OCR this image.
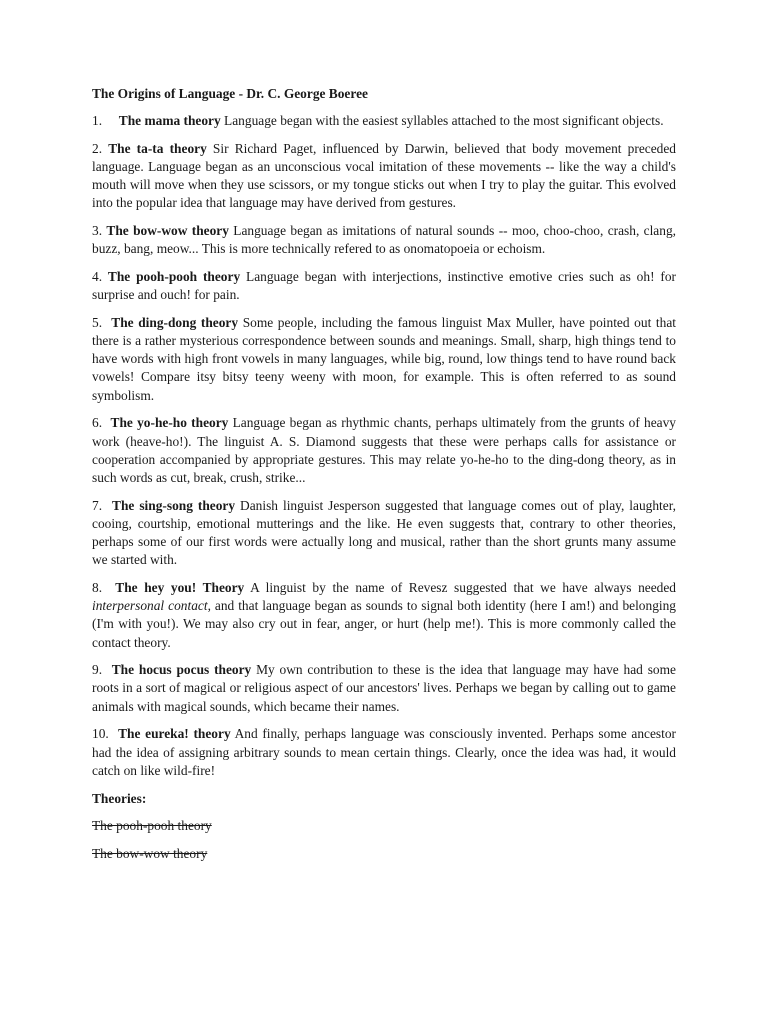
The Origins of Language - Dr. C. George Boeree

1. The mama theory Language began with the easiest syllables attached to the most significant objects.

2. The ta-ta theory Sir Richard Paget, influenced by Darwin, believed that body movement preceded language. Language began as an unconscious vocal imitation of these movements -- like the way a child's mouth will move when they use scissors, or my tongue sticks out when I try to play the guitar. This evolved into the popular idea that language may have derived from gestures.

3. The bow-wow theory Language began as imitations of natural sounds -- moo, choo-choo, crash, clang, buzz, bang, meow... This is more technically refered to as onomatopoeia or echoism.

4. The pooh-pooh theory Language began with interjections, instinctive emotive cries such as oh! for surprise and ouch! for pain.

5. The ding-dong theory Some people, including the famous linguist Max Muller, have pointed out that there is a rather mysterious correspondence between sounds and meanings. Small, sharp, high things tend to have words with high front vowels in many languages, while big, round, low things tend to have round back vowels! Compare itsy bitsy teeny weeny with moon, for example. This is often referred to as sound symbolism.

6. The yo-he-ho theory Language began as rhythmic chants, perhaps ultimately from the grunts of heavy work (heave-ho!). The linguist A. S. Diamond suggests that these were perhaps calls for assistance or cooperation accompanied by appropriate gestures. This may relate yo-he-ho to the ding-dong theory, as in such words as cut, break, crush, strike...

7. The sing-song theory Danish linguist Jesperson suggested that language comes out of play, laughter, cooing, courtship, emotional mutterings and the like. He even suggests that, contrary to other theories, perhaps some of our first words were actually long and musical, rather than the short grunts many assume we started with.

8. The hey you! Theory A linguist by the name of Revesz suggested that we have always needed interpersonal contact, and that language began as sounds to signal both identity (here I am!) and belonging (I'm with you!). We may also cry out in fear, anger, or hurt (help me!). This is more commonly called the contact theory.

9. The hocus pocus theory My own contribution to these is the idea that language may have had some roots in a sort of magical or religious aspect of our ancestors' lives. Perhaps we began by calling out to game animals with magical sounds, which became their names.

10. The eureka! theory And finally, perhaps language was consciously invented. Perhaps some ancestor had the idea of assigning arbitrary sounds to mean certain things. Clearly, once the idea was had, it would catch on like wild-fire!

Theories:
The pooh-pooh theory
The bow-wow theory
